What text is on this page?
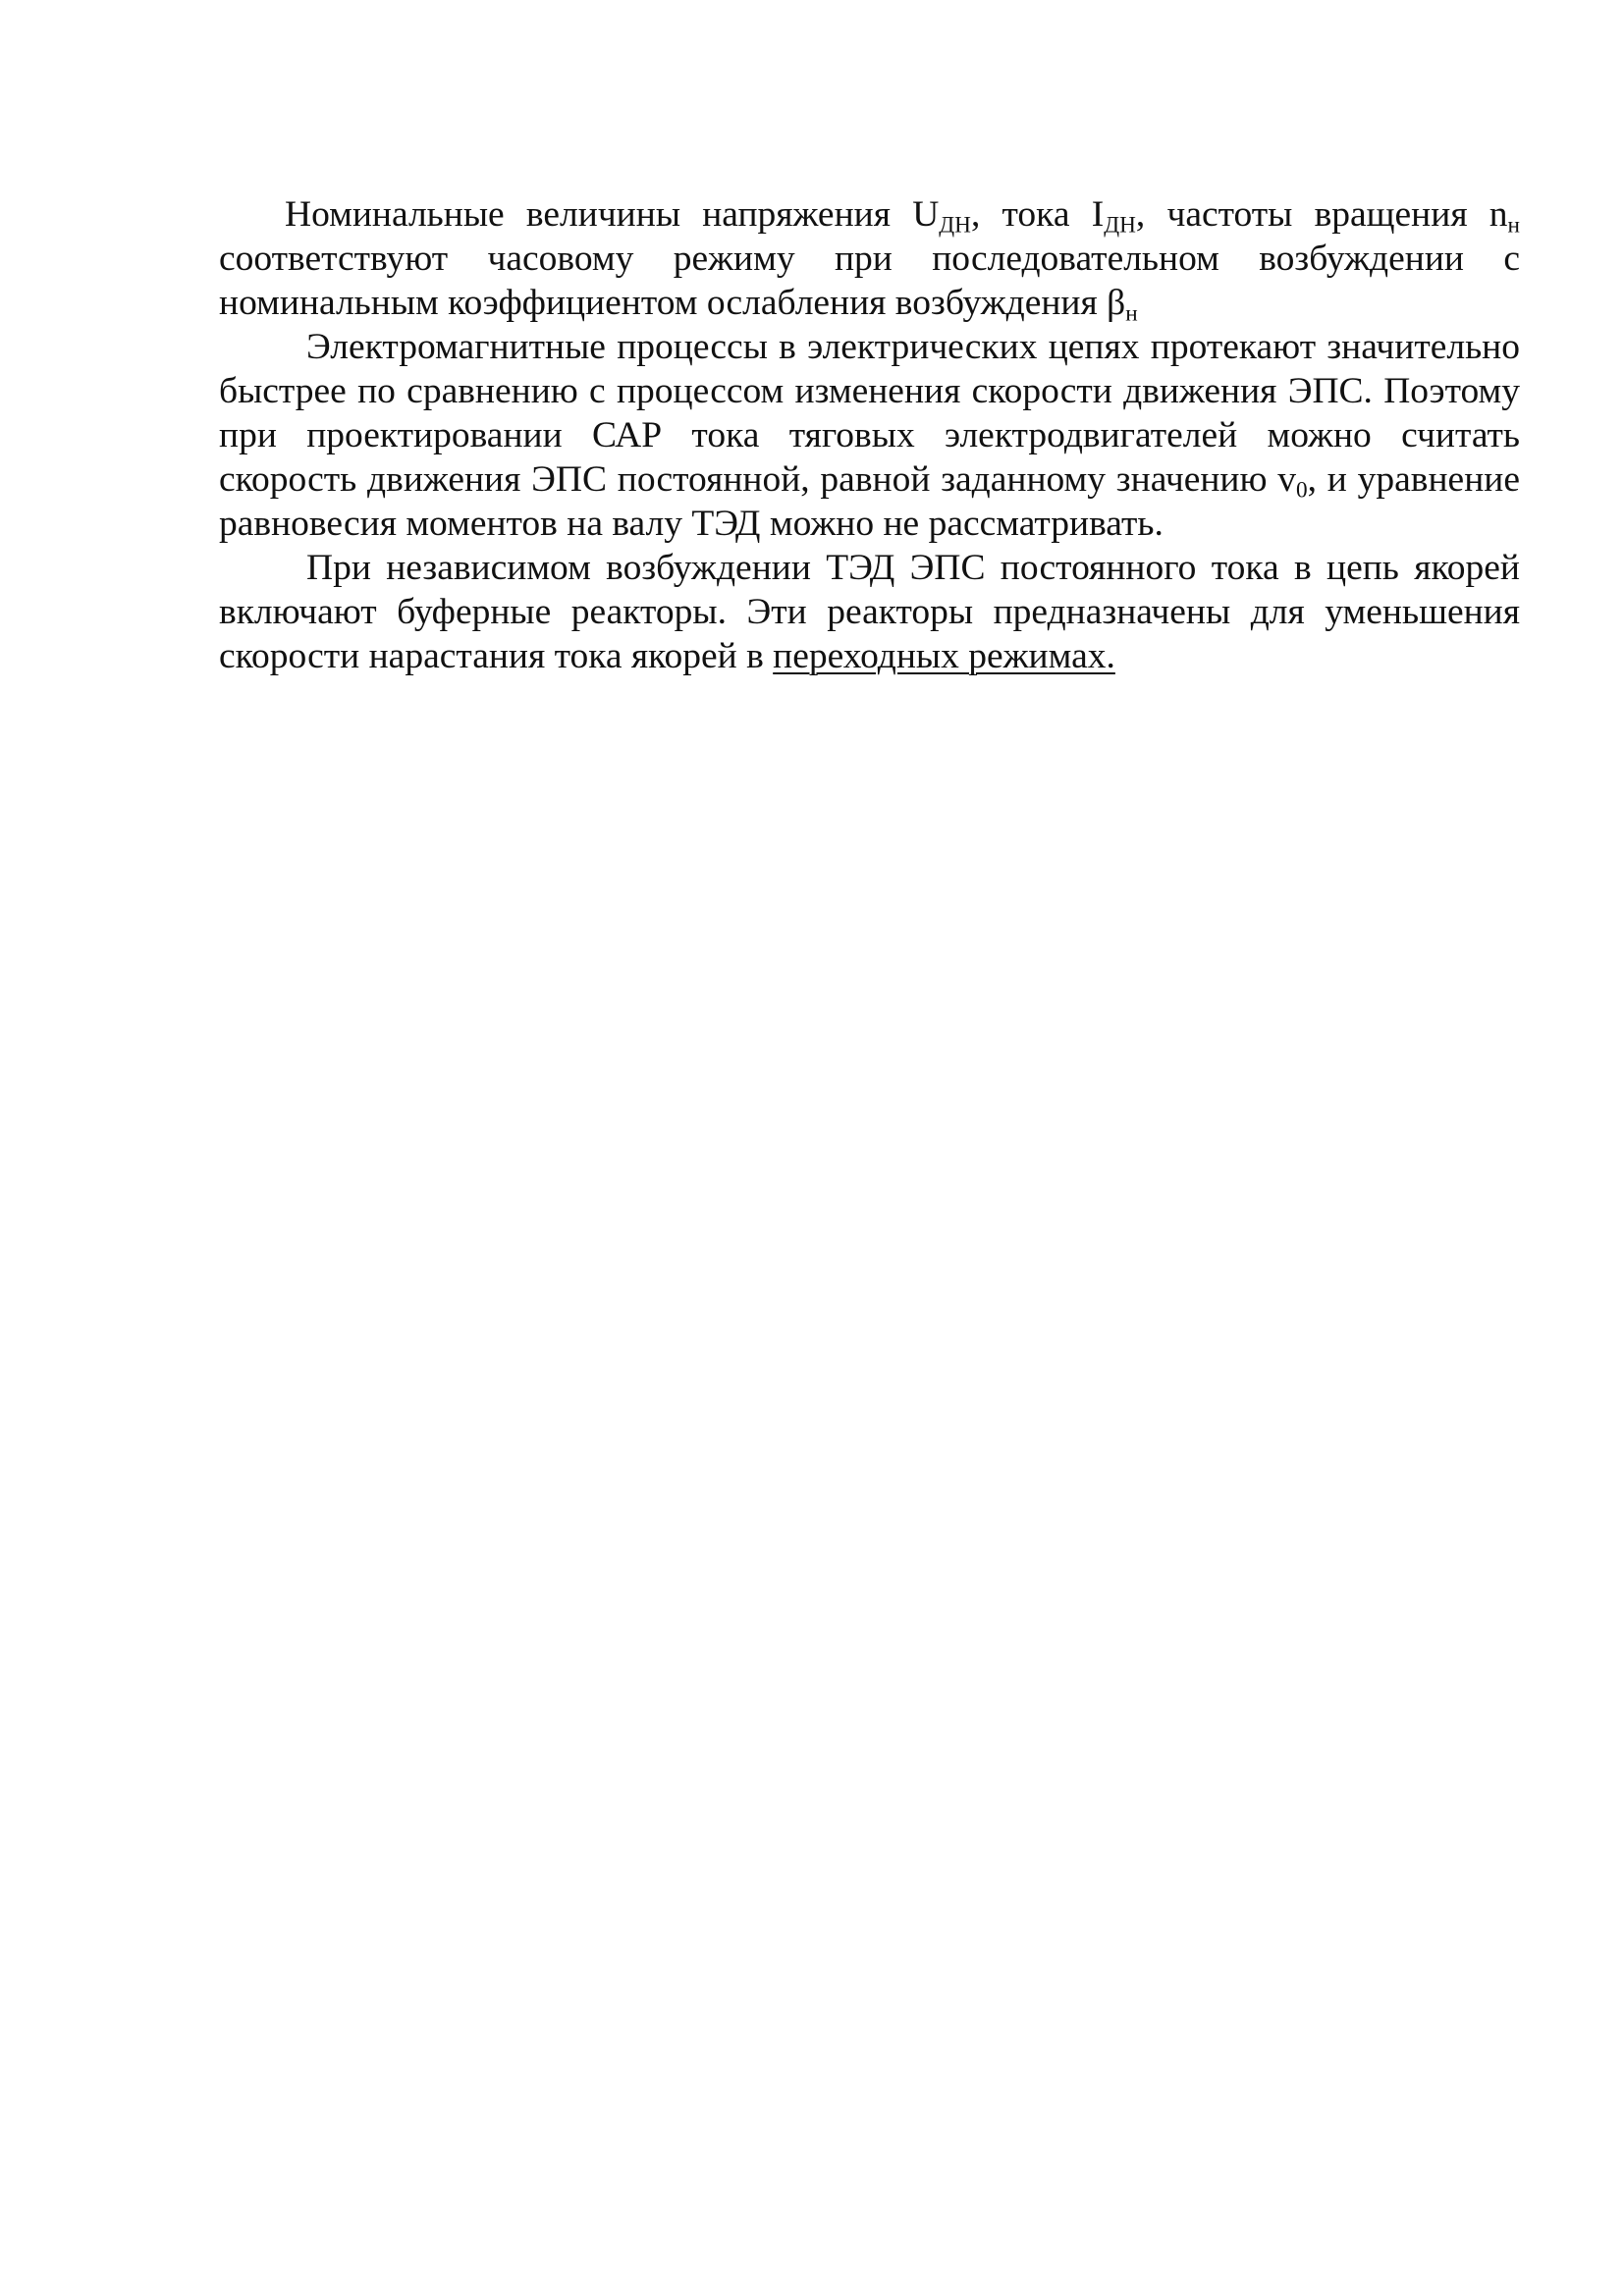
Номинальные величины напряжения $U_{ДН}$, тока $I_{ДН}$, частоты вращения $n_н$ соответствуют часовому режиму при последовательном возбуждении с номинальным коэффициентом ослабления возбуждения $\beta_н$

Электромагнитные процессы в электрических цепях протекают значительно быстрее по сравнению с процессом изменения скорости движения ЭПС. Поэтому при проектировании САР тока тяговых электродвигателей можно считать скорость движения ЭПС постоянной, равной заданному значению $v_0$, и уравнение равновесия моментов на валу ТЭД можно не рассматривать.

При независимом возбуждении ТЭД ЭПС постоянного тока в цепь якорей включают буферные реакторы. Эти реакторы предназначены для уменьшения скорости нарастания тока якорей в переходных режимах.
